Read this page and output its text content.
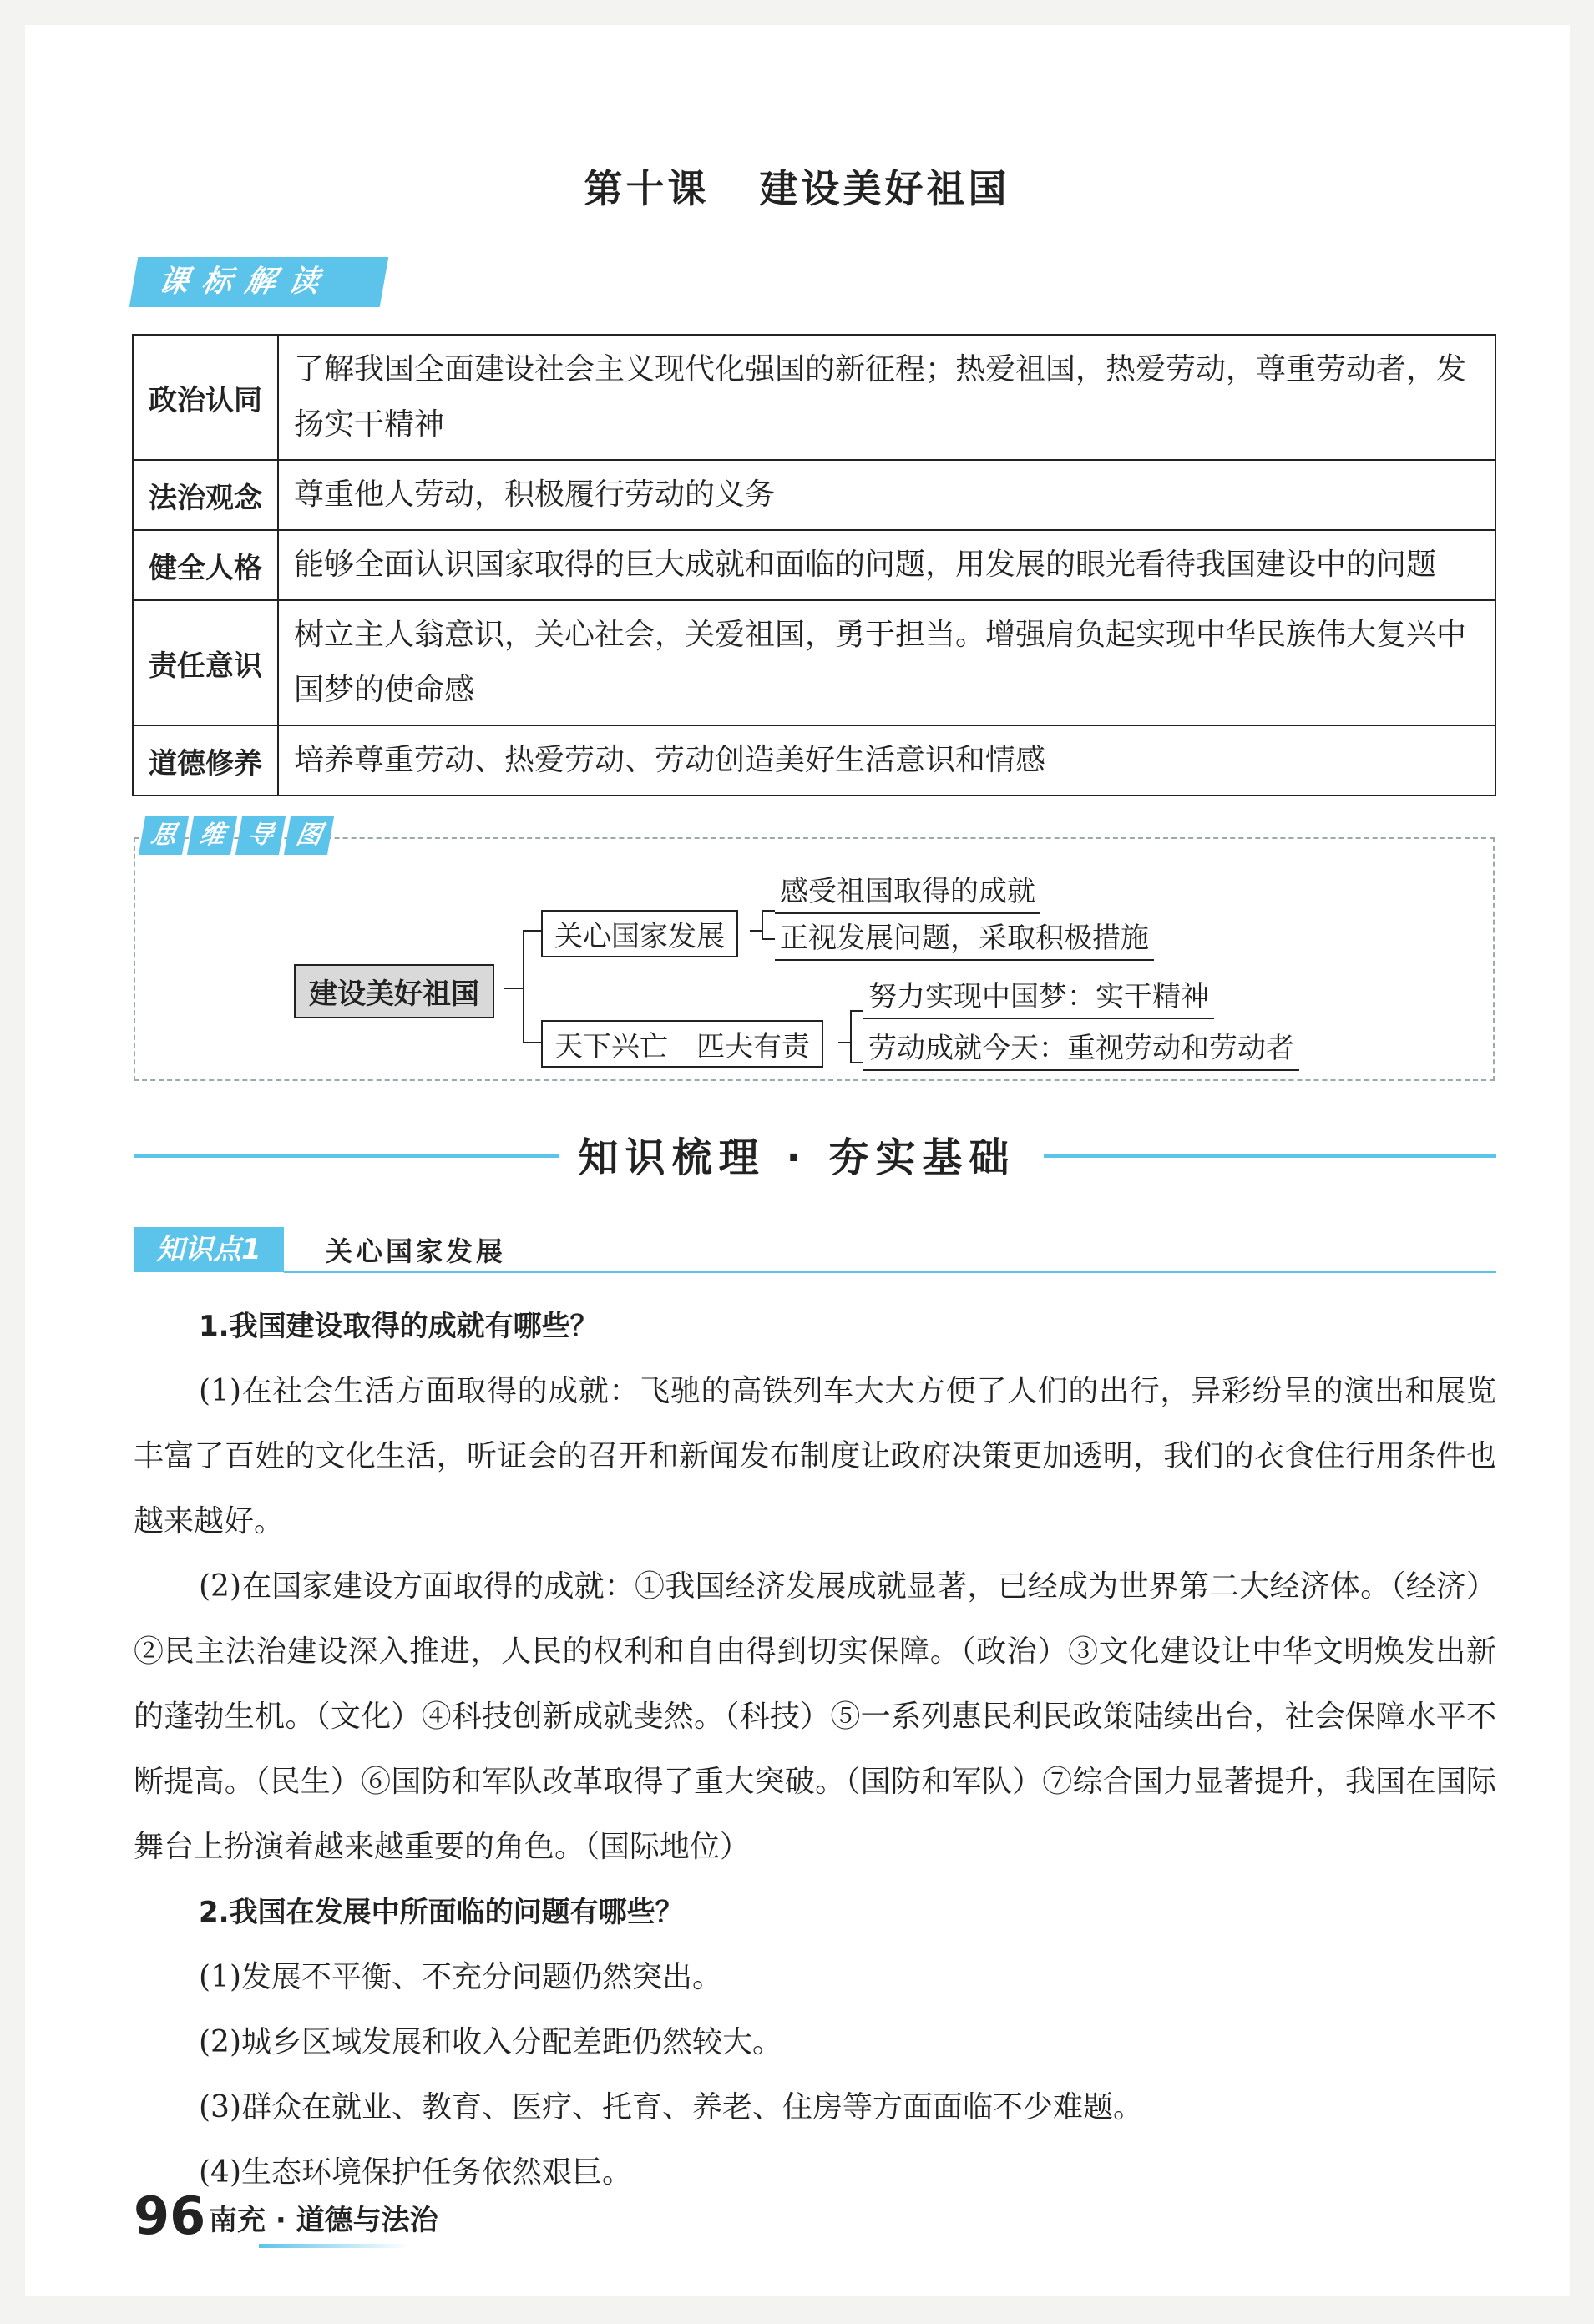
第十课 建设美好祖国
课标解读
政治认同	了解我国全面建设社会主义现代化强国的新征程；热爱祖国，热爱劳动，尊重劳动者，发扬实干精神
法治观念	尊重他人劳动，积极履行劳动的义务
健全人格	能够全面认识国家取得的巨大成就和面临的问题，用发展的眼光看待我国建设中的问题
责任意识	树立主人翁意识，关心社会，关爱祖国，勇于担当。增强肩负起实现中华民族伟大复兴中国梦的使命感
道德修养	培养尊重劳动、热爱劳动、劳动创造美好生活意识和情感
思 维 导 图
建设美好祖国
关心国家发展
天下兴亡　匹夫有责
感受祖国取得的成就
正视发展问题，采取积极措施
努力实现中国梦：实干精神
劳动成就今天：重视劳动和劳动者
知识梳理 · 夯实基础
知识点1	关心国家发展

1.我国建设取得的成就有哪些？

(1)在社会生活方面取得的成就：飞驰的高铁列车大大方便了人们的出行，异彩纷呈的演出和展览丰富了百姓的文化生活，听证会的召开和新闻发布制度让政府决策更加透明，我们的衣食住行用条件也越来越好。

(2)在国家建设方面取得的成就：①我国经济发展成就显著，已经成为世界第二大经济体。（经济）②民主法治建设深入推进，人民的权利和自由得到切实保障。（政治）③文化建设让中华文明焕发出新的蓬勃生机。（文化）④科技创新成就斐然。（科技）⑤一系列惠民利民政策陆续出台，社会保障水平不断提高。（民生）⑥国防和军队改革取得了重大突破。（国防和军队）⑦综合国力显著提升，我国在国际舞台上扮演着越来越重要的角色。（国际地位）

2.我国在发展中所面临的问题有哪些？

(1)发展不平衡、不充分问题仍然突出。

(2)城乡区域发展和收入分配差距仍然较大。

(3)群众在就业、教育、医疗、托育、养老、住房等方面面临不少难题。

(4)生态环境保护任务依然艰巨。

96 南充 · 道德与法治
